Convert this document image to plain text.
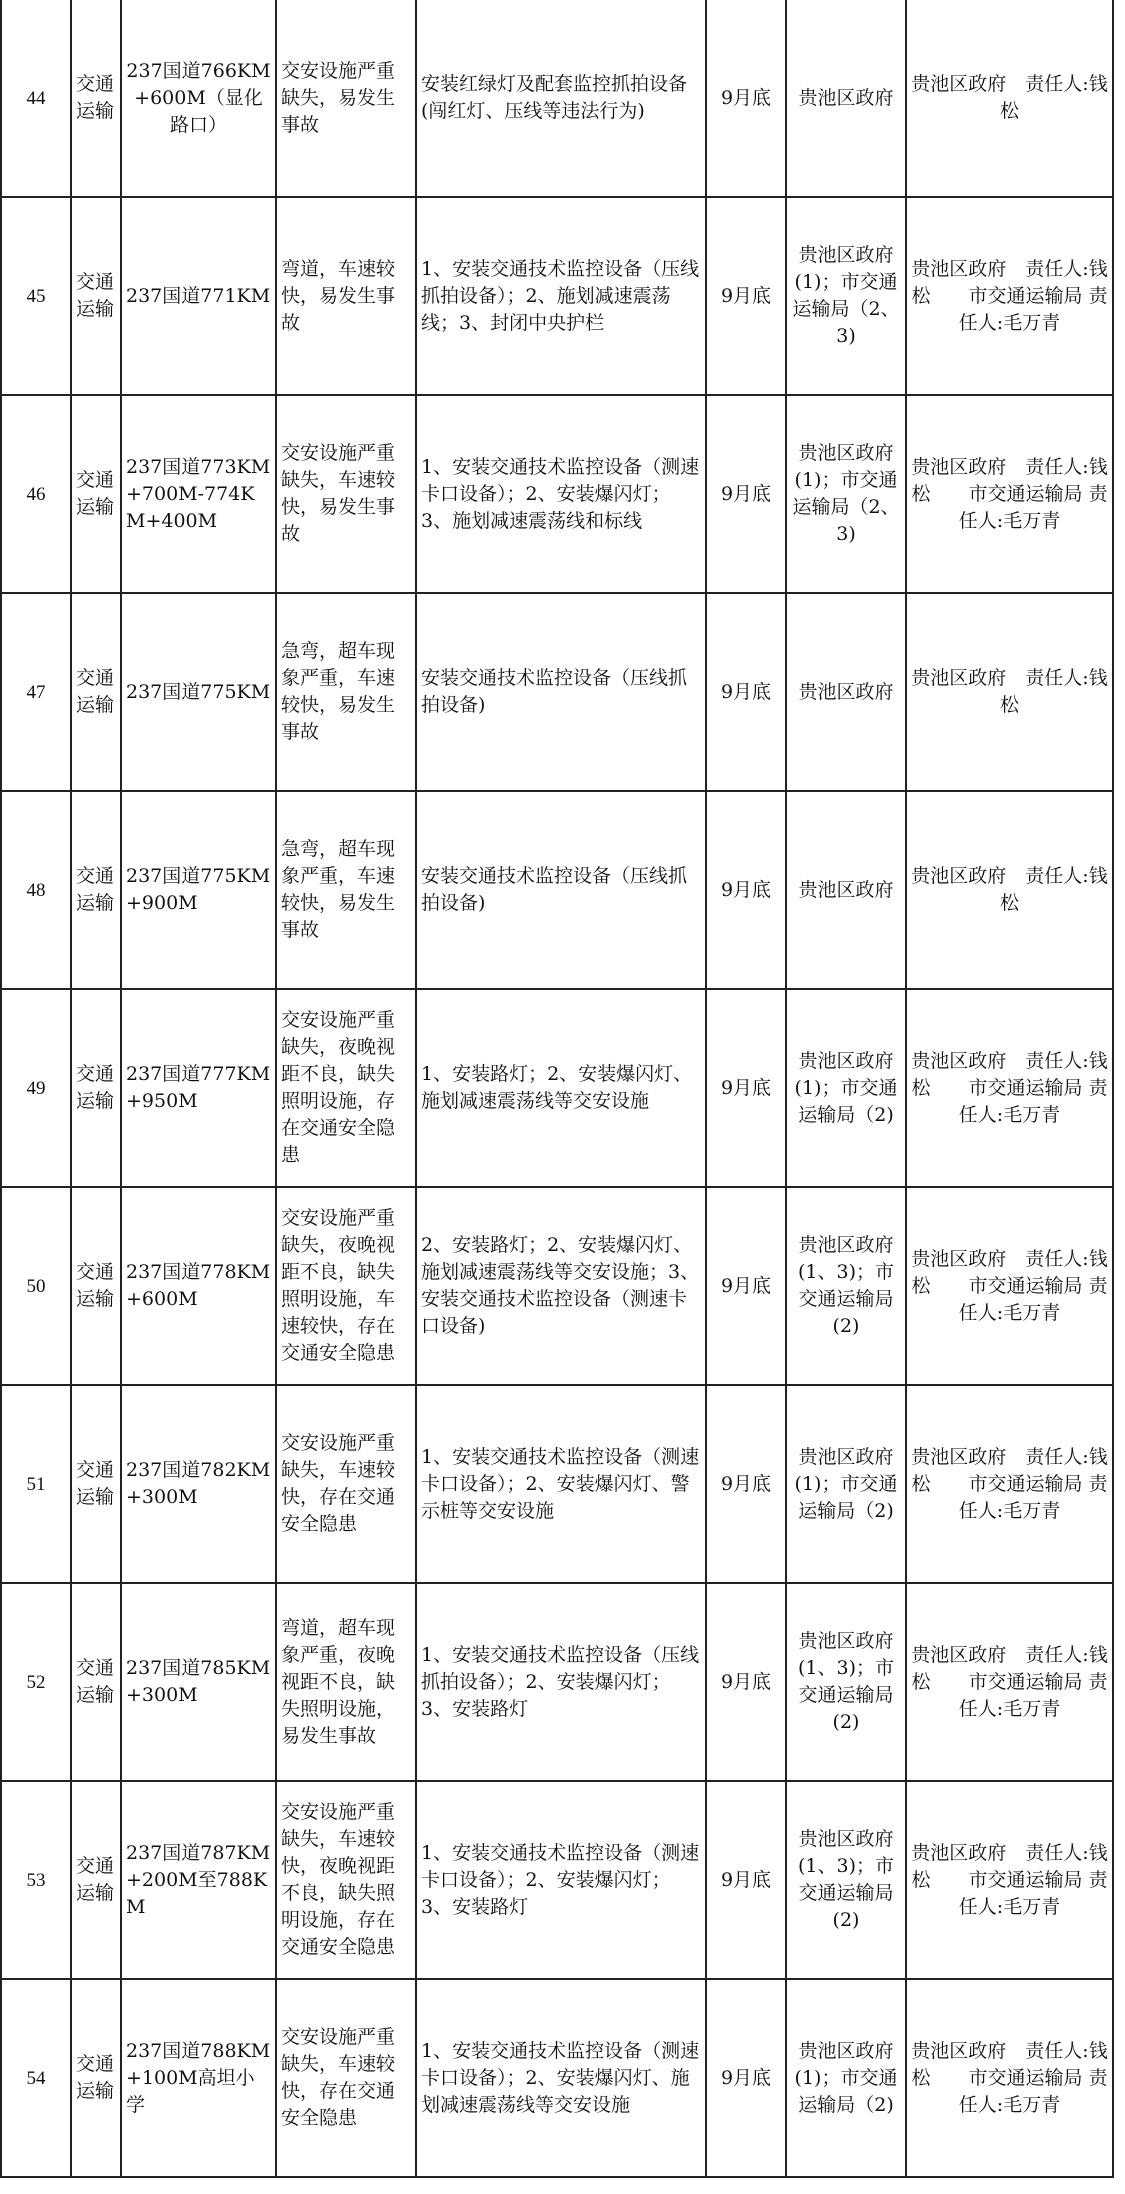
44	交通运输	237国道766KM+600M（显化路口）	交安设施严重缺失，易发生事故	安装红绿灯及配套监控抓拍设备(闯红灯、压线等违法行为)	9月底	贵池区政府	贵池区政府　责任人:钱松
45	交通运输	237国道771KM	弯道，车速较快，易发生事故	1、安装交通技术监控设备（压线抓拍设备）；2、施划减速震荡线；3、封闭中央护栏	9月底	贵池区政府(1)；市交通运输局（2、3)	贵池区政府　责任人:钱松　　市交通运输局 责任人:毛万青
46	交通运输	237国道773KM+700M-774KM+400M	交安设施严重缺失，车速较快，易发生事故	1、安装交通技术监控设备（测速卡口设备）；2、安装爆闪灯；3、施划减速震荡线和标线	9月底	贵池区政府(1)；市交通运输局（2、3)	贵池区政府　责任人:钱松　　市交通运输局 责任人:毛万青
47	交通运输	237国道775KM	急弯，超车现象严重，车速较快，易发生事故	安装交通技术监控设备（压线抓拍设备)	9月底	贵池区政府	贵池区政府　责任人:钱松
48	交通运输	237国道775KM+900M	急弯，超车现象严重，车速较快，易发生事故	安装交通技术监控设备（压线抓拍设备)	9月底	贵池区政府	贵池区政府　责任人:钱松
49	交通运输	237国道777KM+950M	交安设施严重缺失，夜晚视距不良，缺失照明设施，存在交通安全隐患	1、安装路灯；2、安装爆闪灯、施划减速震荡线等交安设施	9月底	贵池区政府(1)；市交通运输局（2)	贵池区政府　责任人:钱松　　市交通运输局 责任人:毛万青
50	交通运输	237国道778KM+600M	交安设施严重缺失，夜晚视距不良，缺失照明设施，车速较快，存在交通安全隐患	2、安装路灯；2、安装爆闪灯、施划减速震荡线等交安设施；3、安装交通技术监控设备（测速卡口设备)	9月底	贵池区政府(1、3)；市交通运输局(2)	贵池区政府　责任人:钱松　　市交通运输局 责任人:毛万青
51	交通运输	237国道782KM+300M	交安设施严重缺失，车速较快，存在交通安全隐患	1、安装交通技术监控设备（测速卡口设备）；2、安装爆闪灯、警示桩等交安设施	9月底	贵池区政府(1)；市交通运输局（2)	贵池区政府　责任人:钱松　　市交通运输局 责任人:毛万青
52	交通运输	237国道785KM+300M	弯道，超车现象严重，夜晚视距不良，缺失照明设施，易发生事故	1、安装交通技术监控设备（压线抓拍设备）；2、安装爆闪灯；3、安装路灯	9月底	贵池区政府(1、3)；市交通运输局(2)	贵池区政府　责任人:钱松　　市交通运输局 责任人:毛万青
53	交通运输	237国道787KM+200M至788KM	交安设施严重缺失，车速较快，夜晚视距不良，缺失照明设施，存在交通安全隐患	1、安装交通技术监控设备（测速卡口设备）；2、安装爆闪灯；3、安装路灯	9月底	贵池区政府(1、3)；市交通运输局(2)	贵池区政府　责任人:钱松　　市交通运输局 责任人:毛万青
54	交通运输	237国道788KM+100M高坦小学	交安设施严重缺失，车速较快，存在交通安全隐患	1、安装交通技术监控设备（测速卡口设备）；2、安装爆闪灯、施划减速震荡线等交安设施	9月底	贵池区政府(1)；市交通运输局（2)	贵池区政府　责任人:钱松　　市交通运输局 责任人:毛万青
